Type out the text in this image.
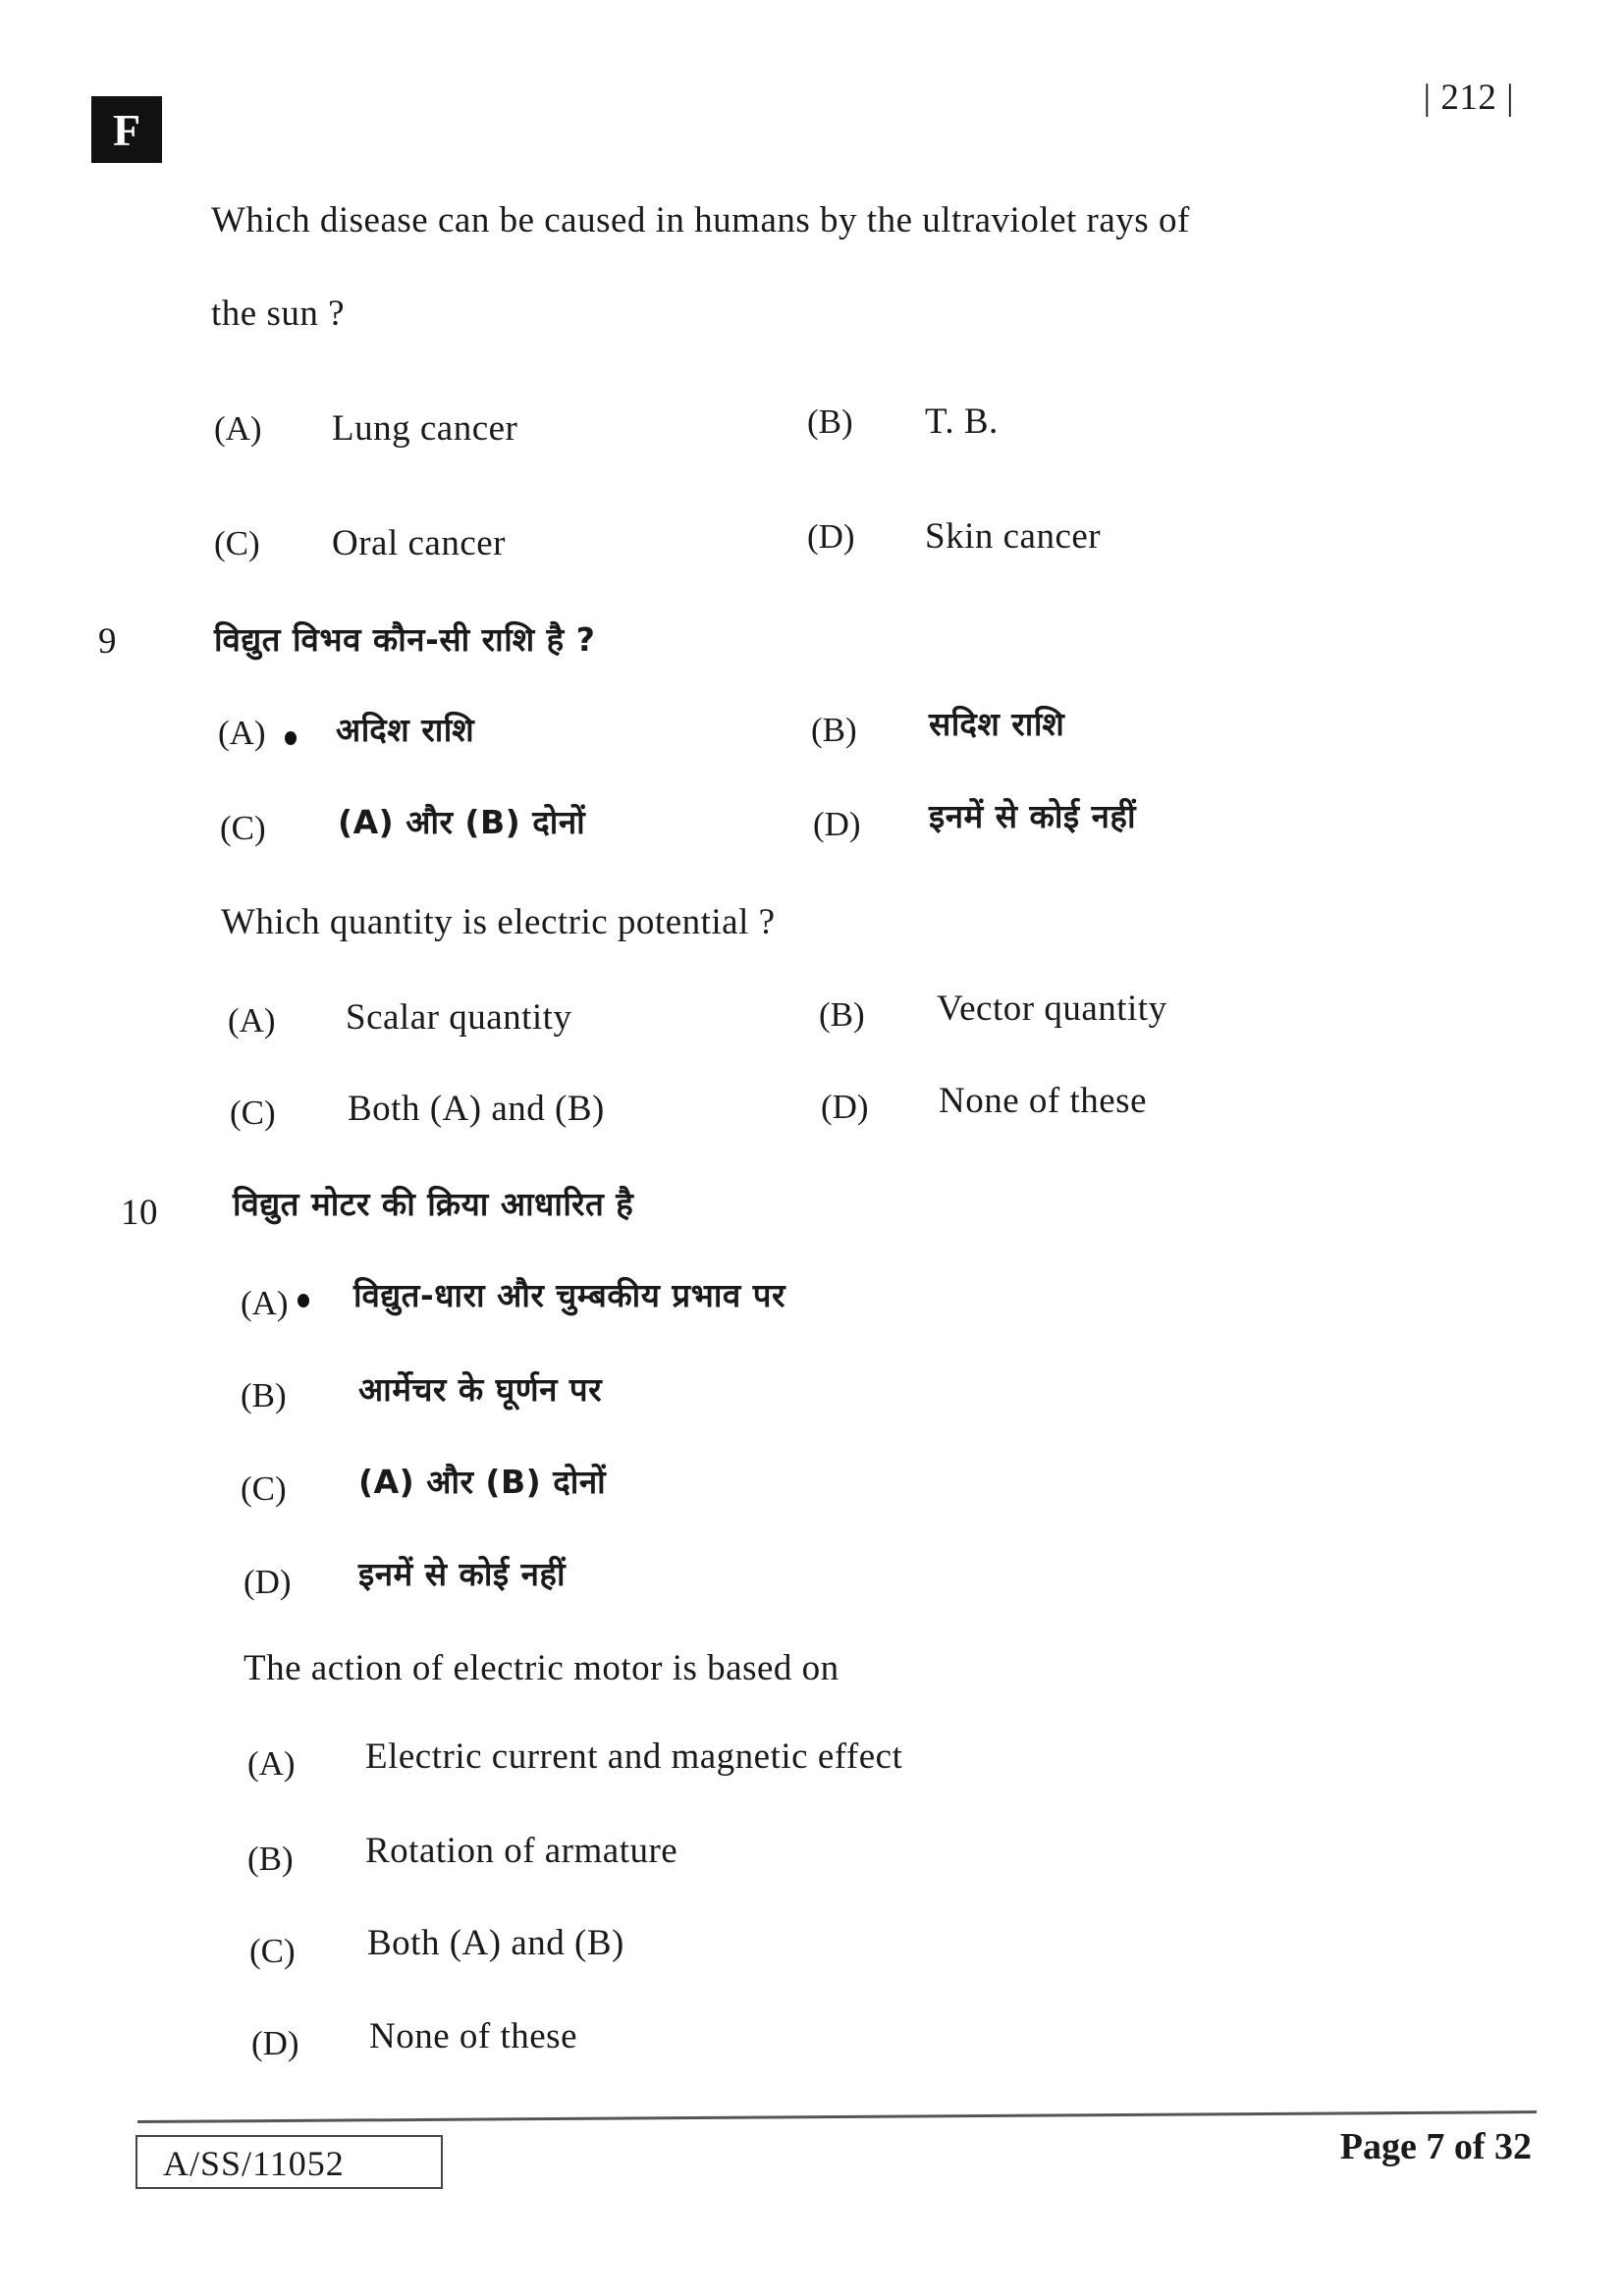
F
| 212 |
Which disease can be caused in humans by the ultraviolet rays of
the sun ?
(A) Lung cancer	(B) T. B.
(C) Oral cancer	(D) Skin cancer
9	विद्युत विभव कौन-सी राशि है ?
(A) अदिश राशि	(B) सदिश राशि
(C) (A) और (B) दोनों	(D) इनमें से कोई नहीं
Which quantity is electric potential ?
(A) Scalar quantity	(B) Vector quantity
(C) Both (A) and (B)	(D) None of these
10 विद्युत मोटर की क्रिया आधारित है
(A) विद्युत-धारा और चुम्बकीय प्रभाव पर
(B) आर्मेचर के घूर्णन पर
(C) (A) और (B) दोनों
(D) इनमें से कोई नहीं
The action of electric motor is based on
(A) Electric current and magnetic effect
(B) Rotation of armature
(C) Both (A) and (B)
(D) None of these
A/SS/11052	Page 7 of 32
